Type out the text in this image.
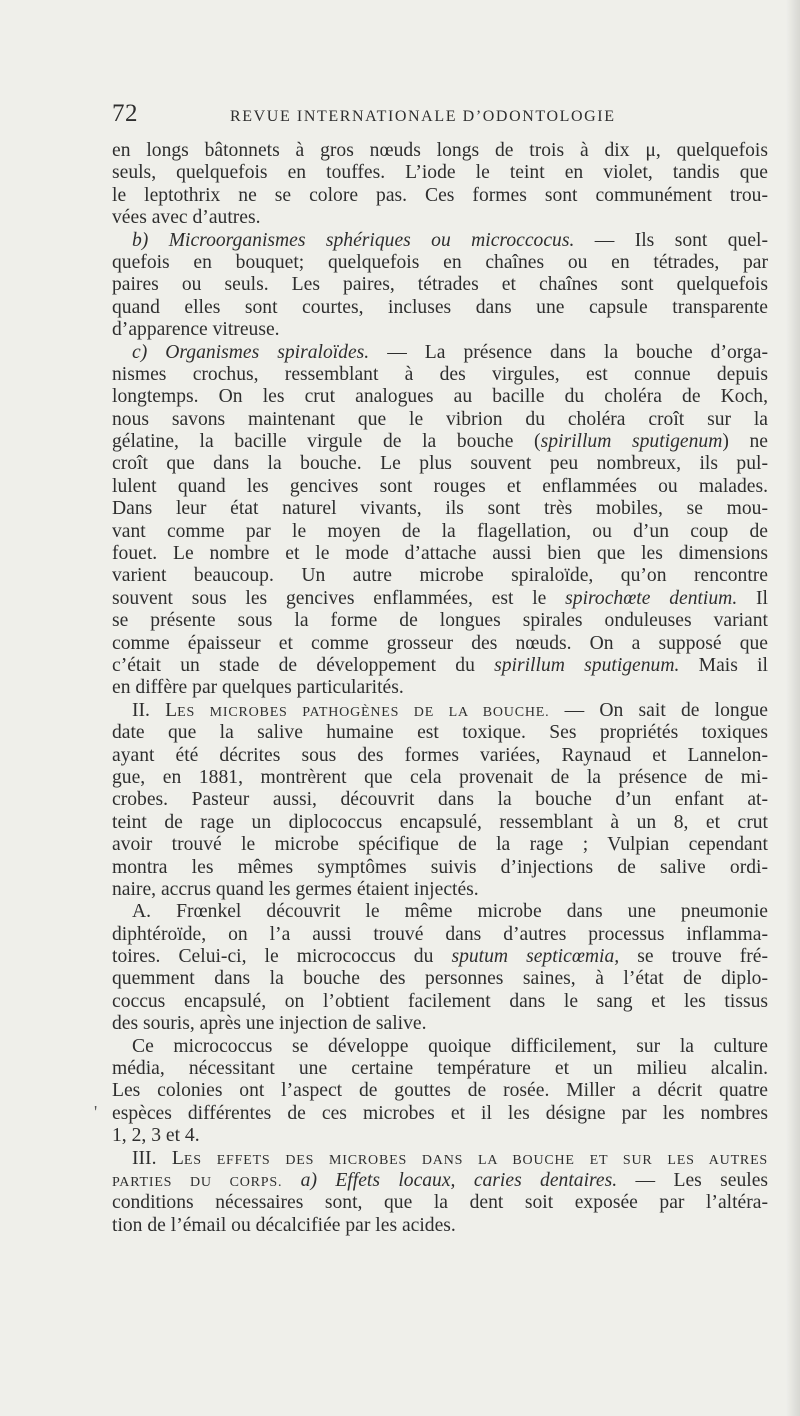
72	REVUE INTERNATIONALE D’ODONTOLOGIE
'
en longs bâtonnets à gros nœuds longs de trois à dix μ, quelquefois
seuls, quelquefois en touffes. L’iode le teint en violet, tandis que
le leptothrix ne se colore pas. Ces formes sont communément trou-
vées avec d’autres.
b) Microorganismes sphériques ou microccocus. — Ils sont quel-
quefois en bouquet; quelquefois en chaînes ou en tétrades, par
paires ou seuls. Les paires, tétrades et chaînes sont quelquefois
quand elles sont courtes, incluses dans une capsule transparente
d’apparence vitreuse.
c) Organismes spiraloïdes. — La présence dans la bouche d’orga-
nismes crochus, ressemblant à des virgules, est connue depuis
longtemps. On les crut analogues au bacille du choléra de Koch,
nous savons maintenant que le vibrion du choléra croît sur la
gélatine, la bacille virgule de la bouche (spirillum sputigenum) ne
croît que dans la bouche. Le plus souvent peu nombreux, ils pul-
lulent quand les gencives sont rouges et enflammées ou malades.
Dans leur état naturel vivants, ils sont très mobiles, se mou-
vant comme par le moyen de la flagellation, ou d’un coup de
fouet. Le nombre et le mode d’attache aussi bien que les dimensions
varient beaucoup. Un autre microbe spiraloïde, qu’on rencontre
souvent sous les gencives enflammées, est le spirochœte dentium. Il
se présente sous la forme de longues spirales onduleuses variant
comme épaisseur et comme grosseur des nœuds. On a supposé que
c’était un stade de développement du spirillum sputigenum. Mais il
en diffère par quelques particularités.
II. LES MICROBES PATHOGÈNES DE LA BOUCHE. — On sait de longue
date que la salive humaine est toxique. Ses propriétés toxiques
ayant été décrites sous des formes variées, Raynaud et Lannelon-
gue, en 1881, montrèrent que cela provenait de la présence de mi-
crobes. Pasteur aussi, découvrit dans la bouche d’un enfant at-
teint de rage un diplococcus encapsulé, ressemblant à un 8, et crut
avoir trouvé le microbe spécifique de la rage ; Vulpian cependant
montra les mêmes symptômes suivis d’injections de salive ordi-
naire, accrus quand les germes étaient injectés.
A. Frœnkel découvrit le même microbe dans une pneumonie
diphtéroïde, on l’a aussi trouvé dans d’autres processus inflamma-
toires. Celui-ci, le micrococcus du sputum septicœmia, se trouve fré-
quemment dans la bouche des personnes saines, à l’état de diplo-
coccus encapsulé, on l’obtient facilement dans le sang et les tissus
des souris, après une injection de salive.
Ce micrococcus se développe quoique difficilement, sur la culture
média, nécessitant une certaine température et un milieu alcalin.
Les colonies ont l’aspect de gouttes de rosée. Miller a décrit quatre
espèces différentes de ces microbes et il les désigne par les nombres
1, 2, 3 et 4.
III. LES EFFETS DES MICROBES DANS LA BOUCHE ET SUR LES AUTRES
PARTIES DU CORPS. a) Effets locaux, caries dentaires. — Les seules
conditions nécessaires sont, que la dent soit exposée par l’altéra-
tion de l’émail ou décalcifiée par les acides.
